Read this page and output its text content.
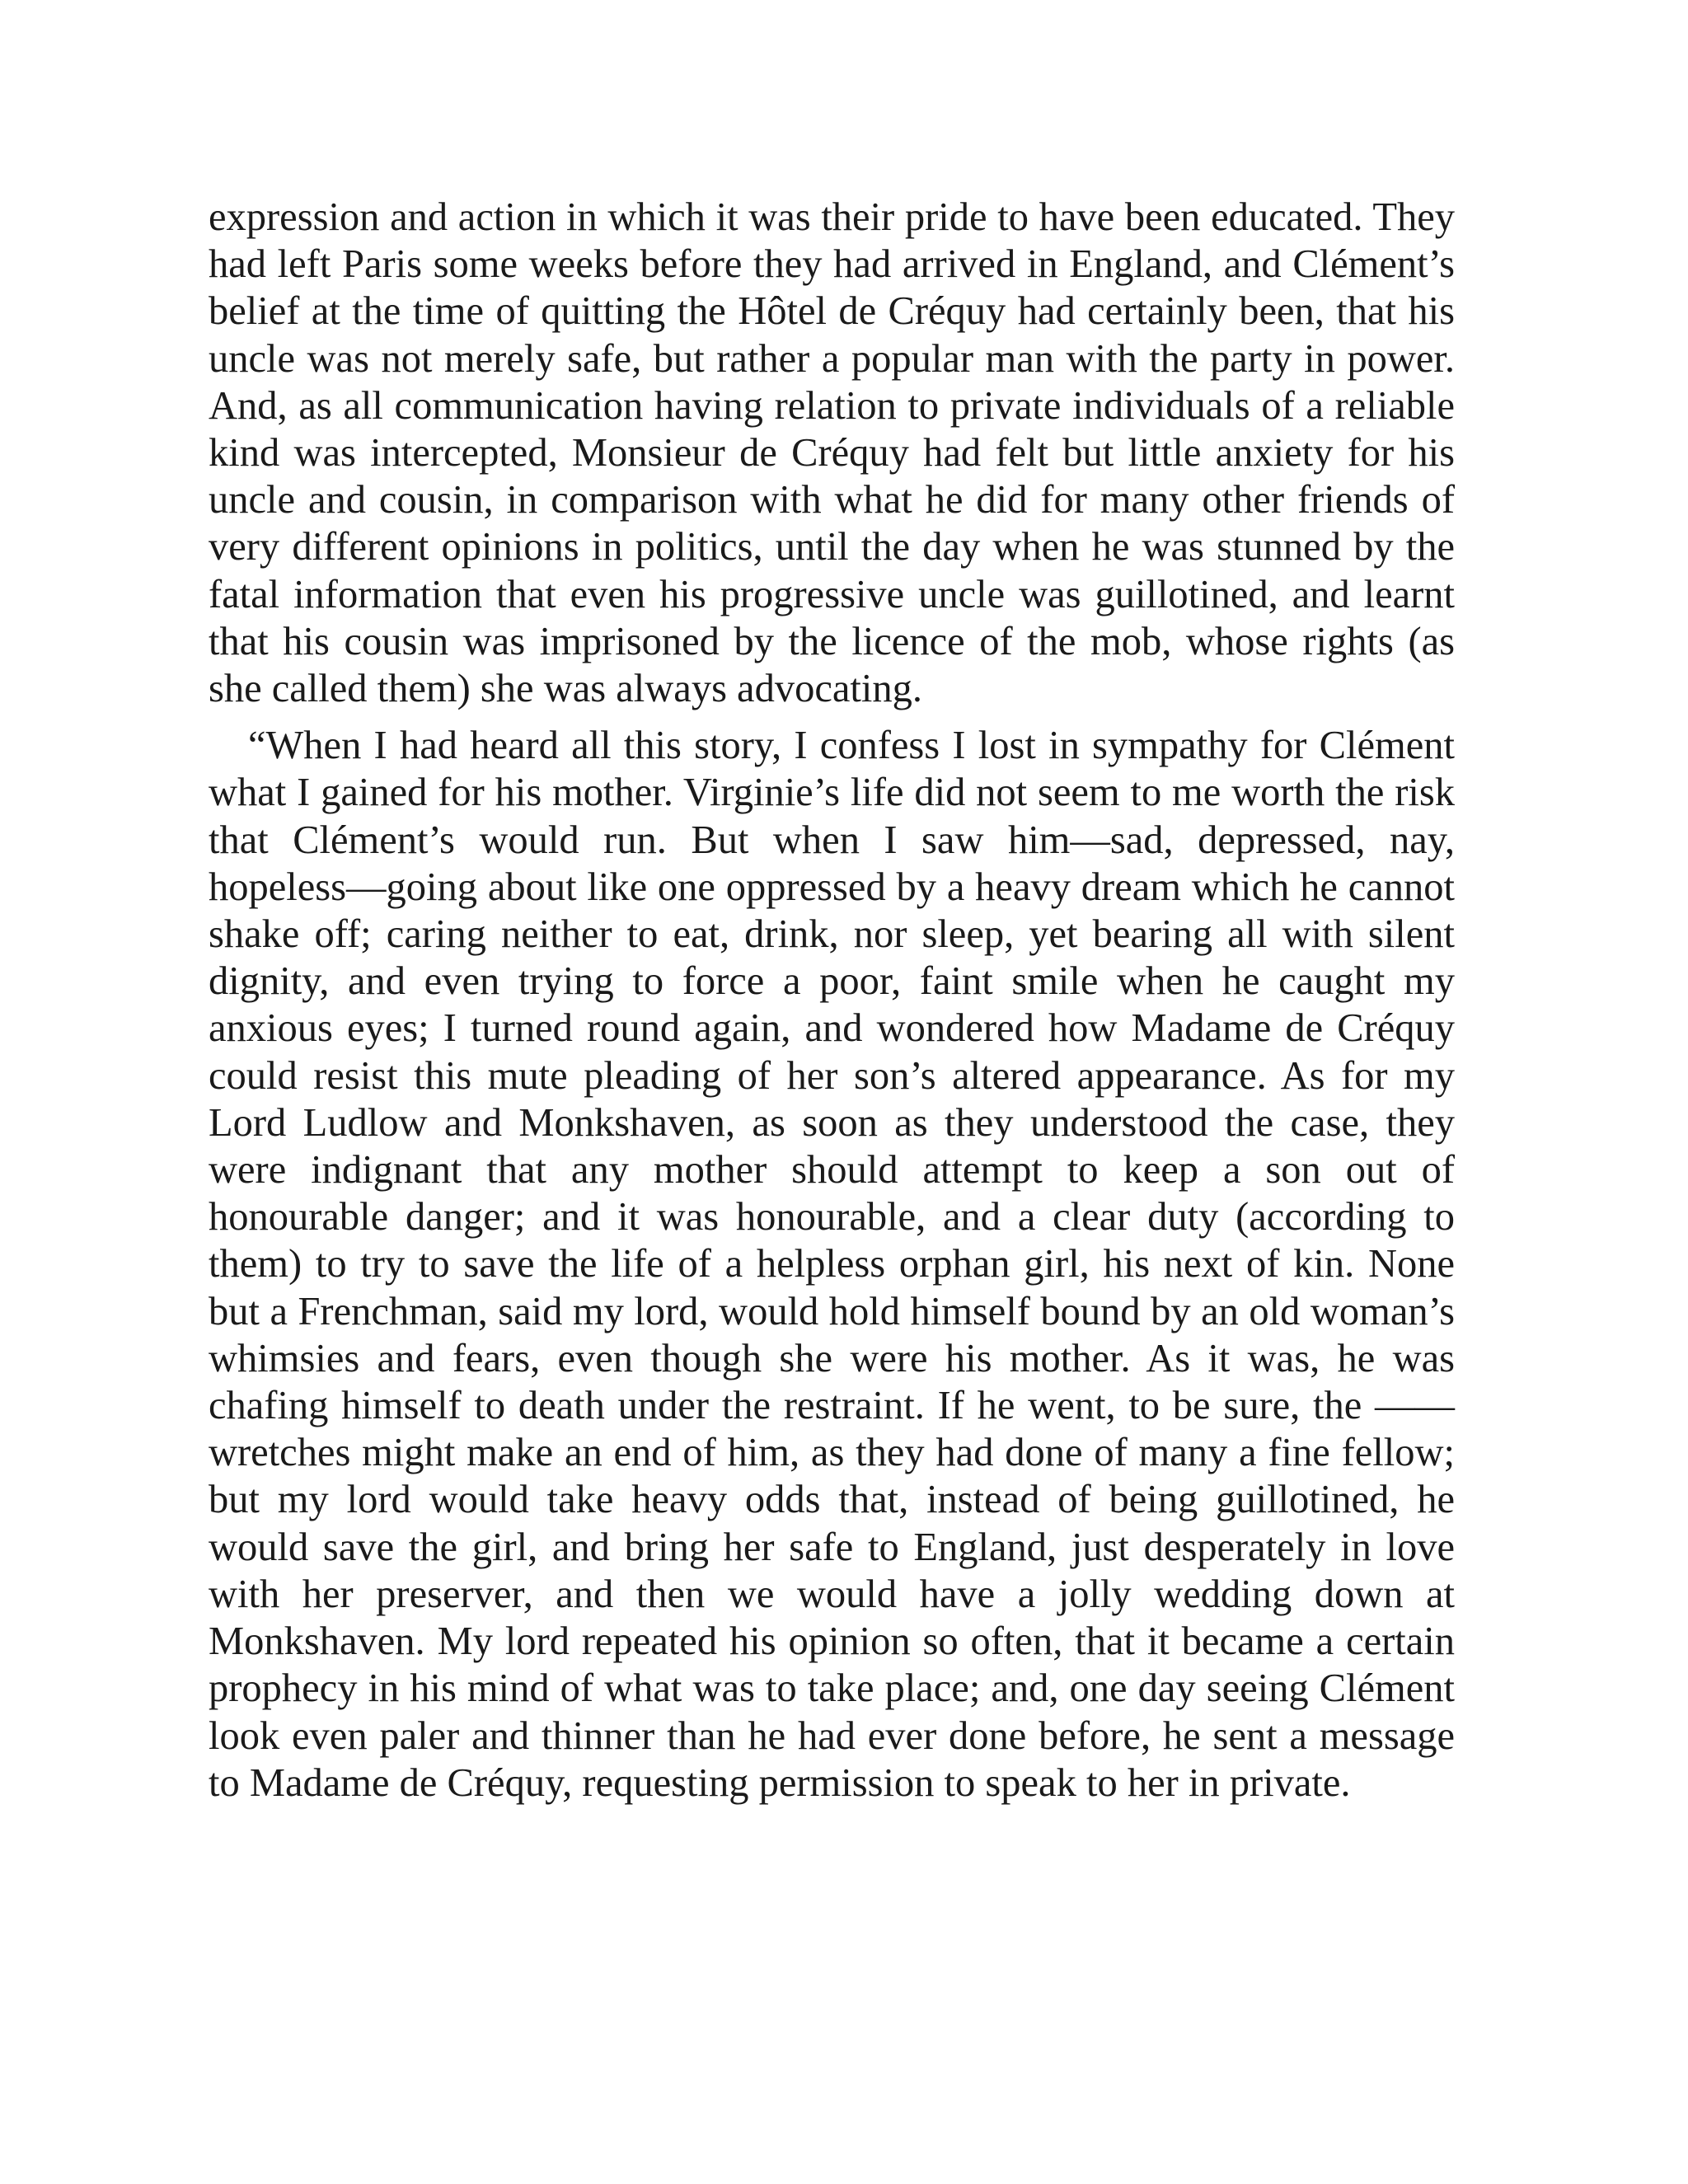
expression and action in which it was their pride to have been educated. They had left Paris some weeks before they had arrived in England, and Clément’s belief at the time of quitting the Hôtel de Créquy had certainly been, that his uncle was not merely safe, but rather a popular man with the party in power. And, as all communication having relation to private individuals of a reliable kind was intercepted, Monsieur de Créquy had felt but little anxiety for his uncle and cousin, in comparison with what he did for many other friends of very different opinions in politics, until the day when he was stunned by the fatal information that even his progressive uncle was guillotined, and learnt that his cousin was imprisoned by the licence of the mob, whose rights (as she called them) she was always advocating.

“When I had heard all this story, I confess I lost in sympathy for Clément what I gained for his mother. Virginie’s life did not seem to me worth the risk that Clément’s would run. But when I saw him—sad, depressed, nay, hopeless—going about like one oppressed by a heavy dream which he cannot shake off; caring neither to eat, drink, nor sleep, yet bearing all with silent dignity, and even trying to force a poor, faint smile when he caught my anxious eyes; I turned round again, and wondered how Madame de Créquy could resist this mute pleading of her son’s altered appearance. As for my Lord Ludlow and Monkshaven, as soon as they understood the case, they were indignant that any mother should attempt to keep a son out of honourable danger; and it was honourable, and a clear duty (according to them) to try to save the life of a helpless orphan girl, his next of kin. None but a Frenchman, said my lord, would hold himself bound by an old woman’s whimsies and fears, even though she were his mother. As it was, he was chafing himself to death under the restraint. If he went, to be sure, the —— wretches might make an end of him, as they had done of many a fine fellow; but my lord would take heavy odds that, instead of being guillotined, he would save the girl, and bring her safe to England, just desperately in love with her preserver, and then we would have a jolly wedding down at Monkshaven. My lord repeated his opinion so often, that it became a certain prophecy in his mind of what was to take place; and, one day seeing Clément look even paler and thinner than he had ever done before, he sent a message to Madame de Créquy, requesting permission to speak to her in private.
